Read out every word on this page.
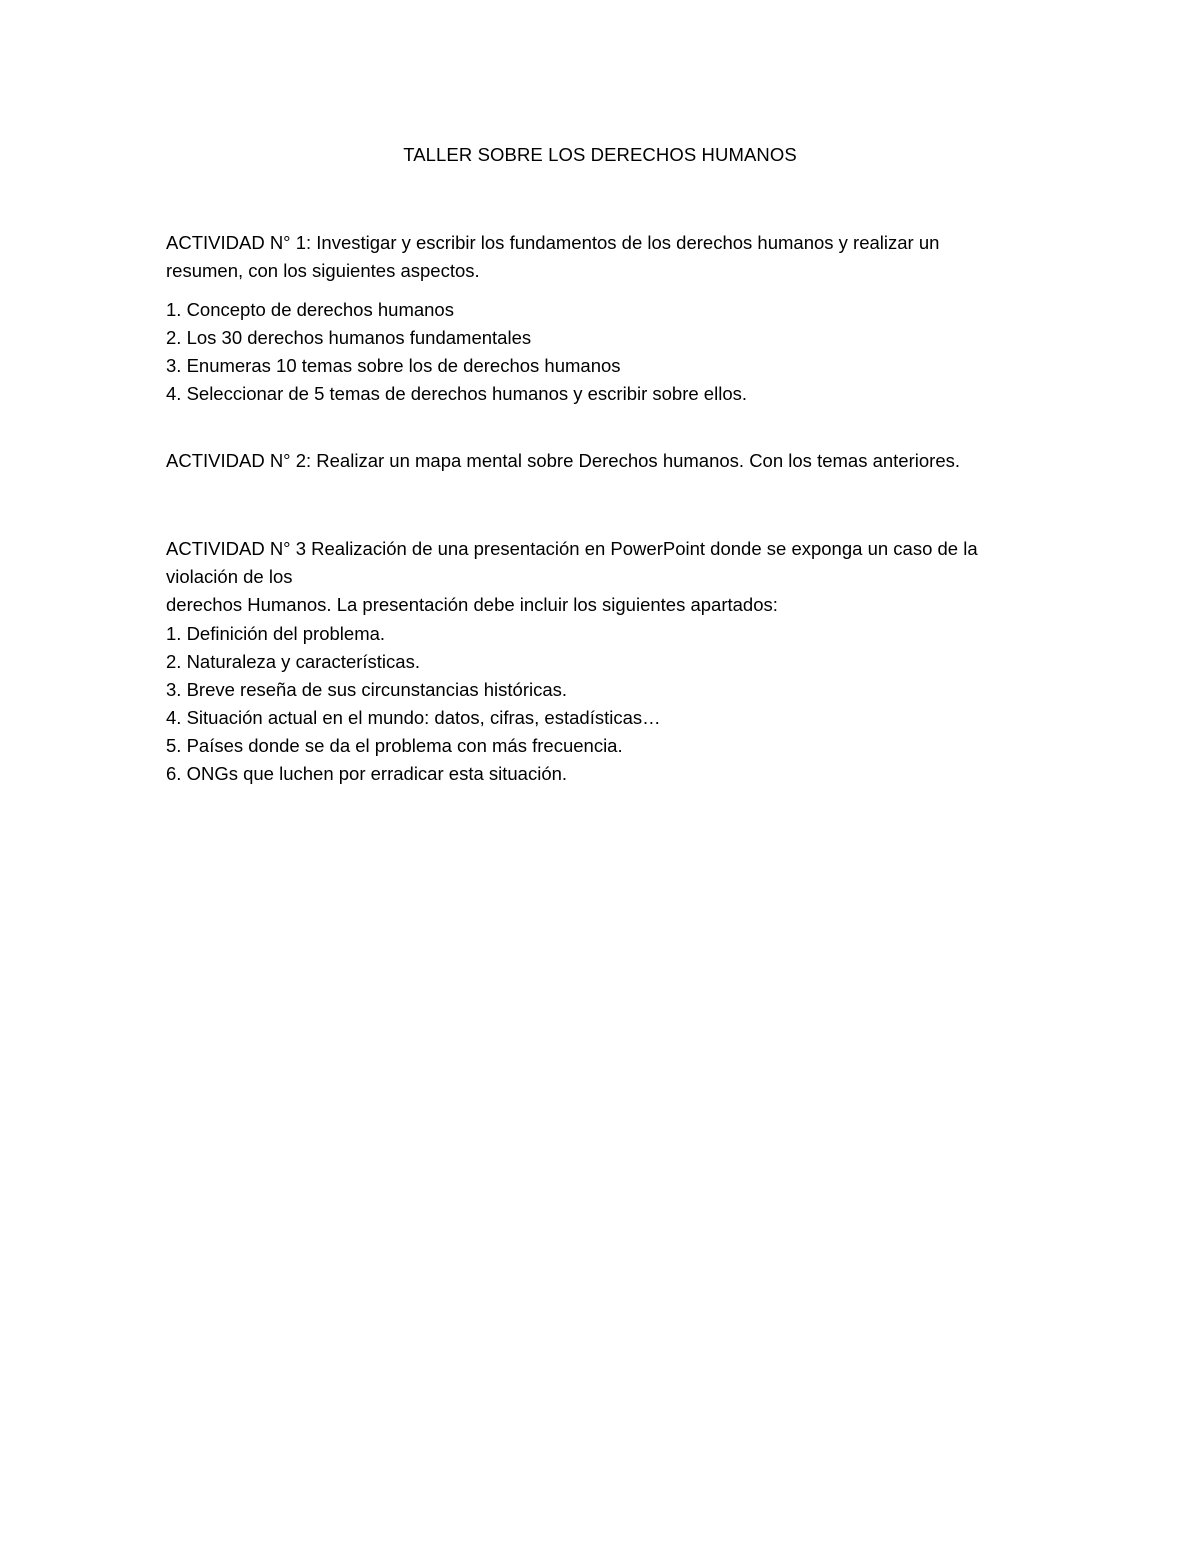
TALLER SOBRE LOS DERECHOS HUMANOS
ACTIVIDAD N° 1: Investigar y escribir los fundamentos de los derechos humanos y realizar un
resumen, con los siguientes aspectos.
1. Concepto de derechos humanos
2. Los 30 derechos humanos fundamentales
3. Enumeras 10 temas sobre los de derechos humanos
4. Seleccionar de 5 temas de derechos humanos y escribir sobre ellos.
ACTIVIDAD N° 2: Realizar un mapa mental sobre Derechos humanos. Con los temas anteriores.
ACTIVIDAD N° 3 Realización de una presentación en PowerPoint donde se exponga un caso de la
violación de los
derechos Humanos. La presentación debe incluir los siguientes apartados:
1. Definición del problema.
2. Naturaleza y características.
3. Breve reseña de sus circunstancias históricas.
4. Situación actual en el mundo: datos, cifras, estadísticas…
5. Países donde se da el problema con más frecuencia.
6. ONGs que luchen por erradicar esta situación.
